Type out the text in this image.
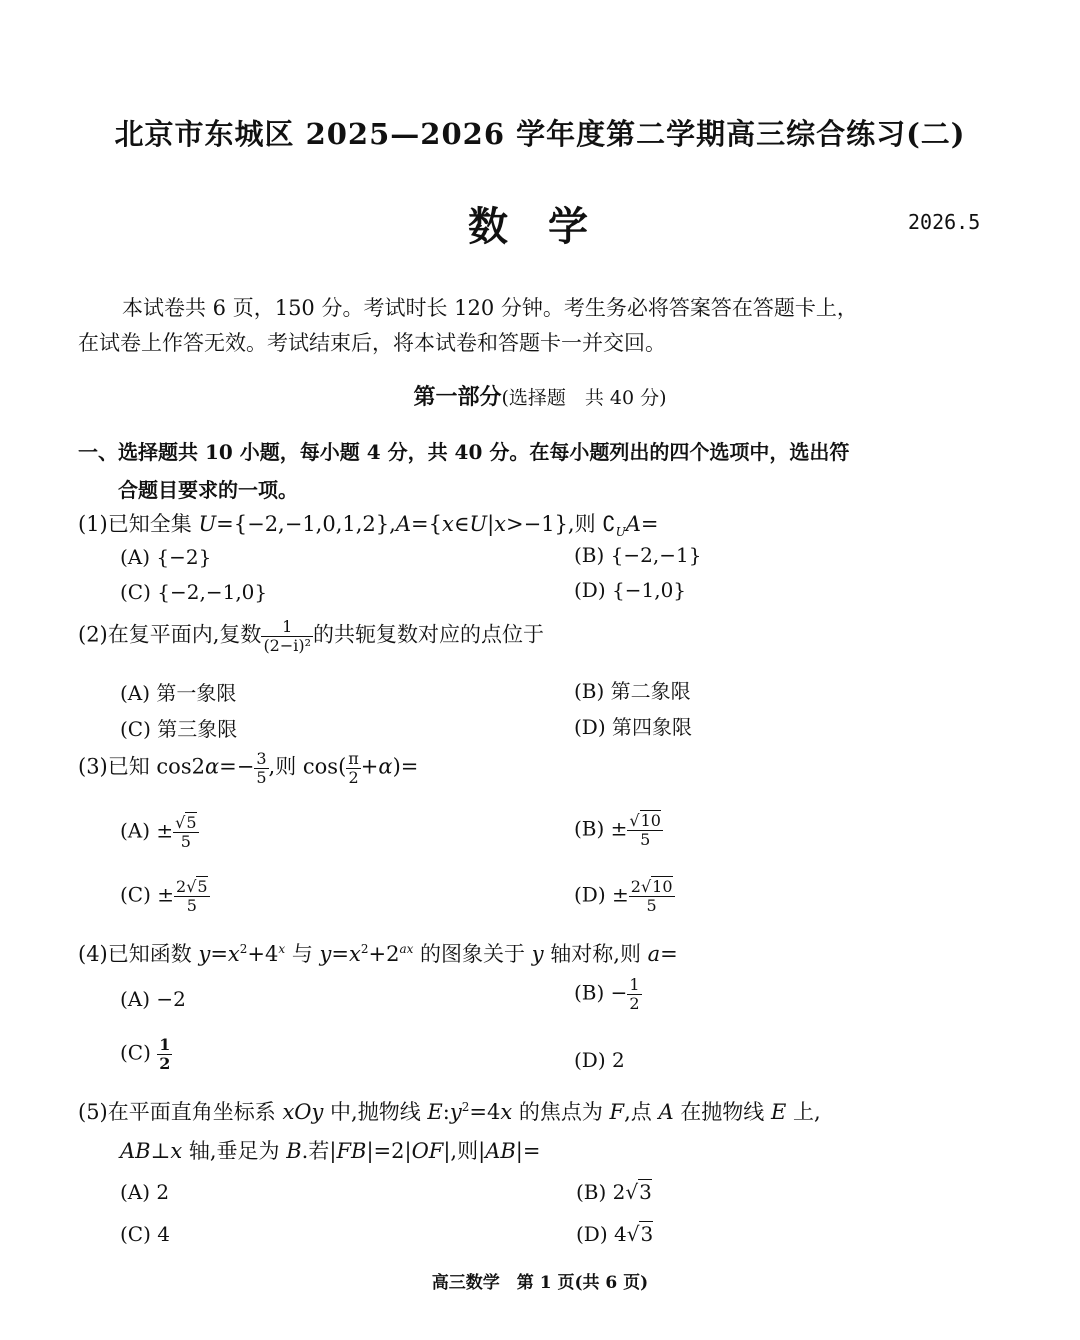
北京市东城区 2025—2026 学年度第二学期高三综合练习(二)
数　学	2026.5
本试卷共 6 页，150 分。考试时长 120 分钟。考生务必将答案答在答题卡上，
在试卷上作答无效。考试结束后，将本试卷和答题卡一并交回。
第一部分(选择题　共 40 分)
一、选择题共 10 小题，每小题 4 分，共 40 分。在每小题列出的四个选项中，选出符
合题目要求的一项。
(1)已知全集 U={−2,−1,0,1,2},A={x∈U|x>−1},则 $∁_UA=$
(A) {−2}	(B) {−2,−1}
(C) {−2,−1,0}	(D) {−1,0}
(2)在复平面内,复数 $\frac{1}{\text{(2−i)²}}$ 的共轭复数对应的点位于
(A) 第一象限	(B) 第二象限
(C) 第三象限	(D) 第四象限
(3)已知 $\cos 2\alpha=- \frac{3}{5}$ ,则 $\cos( \frac{\pi}{2} +\alpha)=$
$(A) \pm \frac{√5}{5}$	$(B) \pm \frac{√10}{5}$
$(C) \pm \frac{2√5}{5}$	$(D) \pm \frac{2√10}{5}$
(4)已知函数 $y=x^2+4^x$ 与 $y=x^2+2^{ax}$ 的图象关于 y 轴对称,则 a=
(A) −2	$(B) - \frac{1}{2}$
$(C) \frac{1}{2}$	(D) 2
(5)在平面直角坐标系 xOy 中,抛物线 $E:y^2=4x$ 的焦点为 F,点 A 在抛物线 E 上,
AB⊥x 轴,垂足为 B.若|FB|=2|OF|,则|AB|=
(A) 2	(B) 2√3
(C) 4	(D) 4√3
高三数学　第 1 页(共 6 页)
